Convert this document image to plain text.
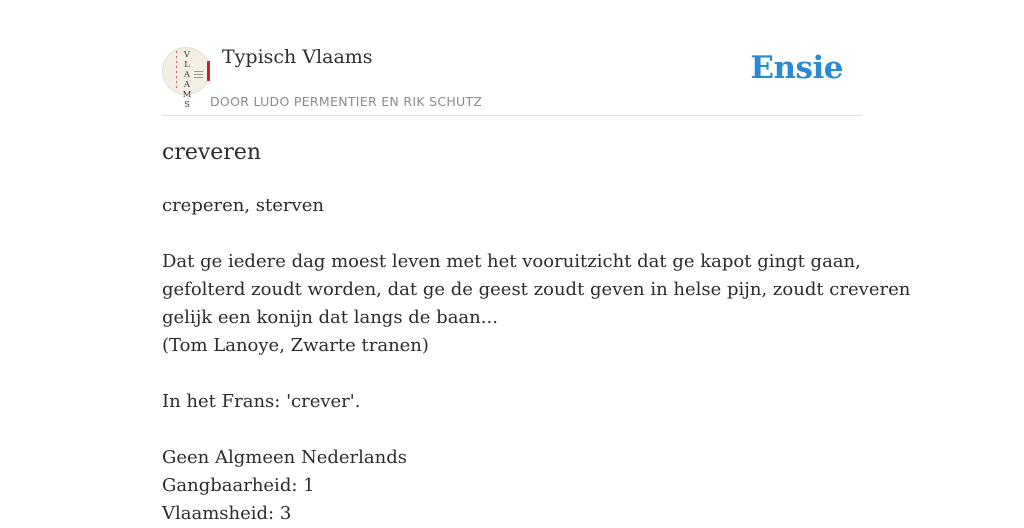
V
L
A
A
M
S
Typisch Vlaams
DOOR LUDO PERMENTIER EN RIK SCHUTZ
Ensie
creveren
creperen, sterven
Dat ge iedere dag moest leven met het vooruitzicht dat ge kapot gingt gaan,
gefolterd zoudt worden, dat ge de geest zoudt geven in helse pijn, zoudt creveren
gelijk een konijn dat langs de baan...
(Tom Lanoye, Zwarte tranen)
In het Frans: 'crever'.
Geen Algmeen Nederlands
Gangbaarheid: 1
Vlaamsheid: 3
